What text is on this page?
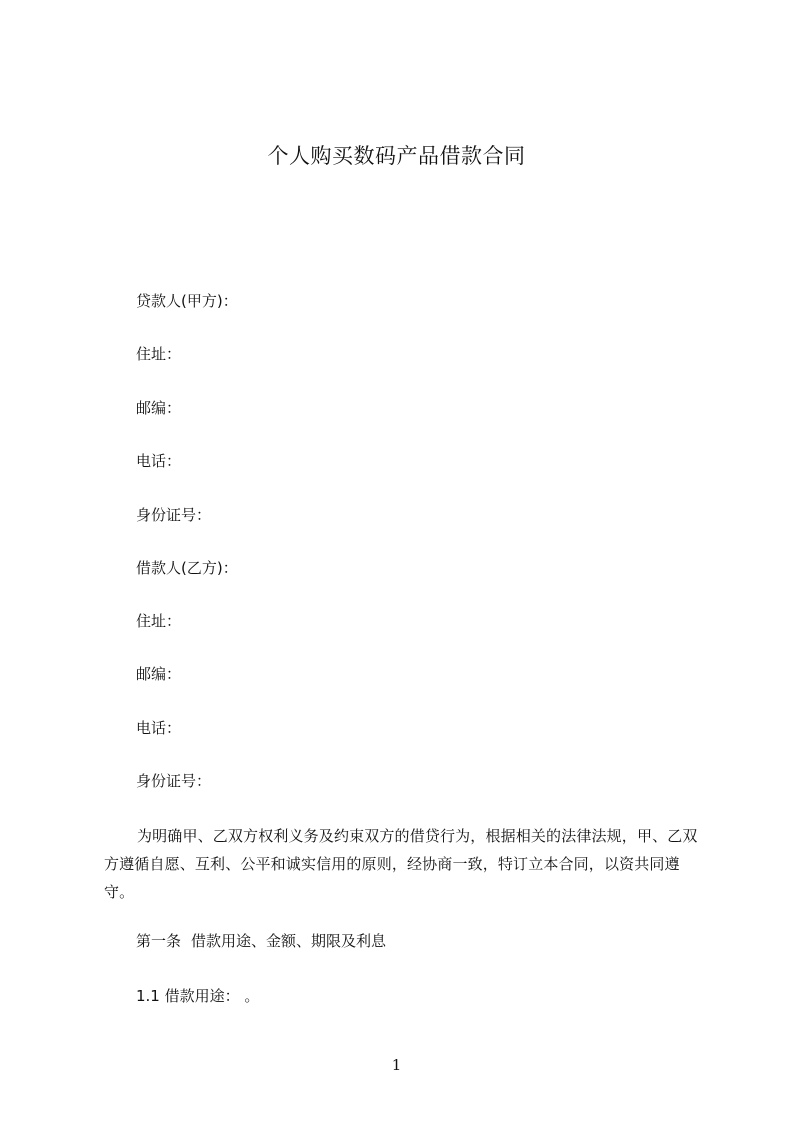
个人购买数码产品借款合同
贷款人(甲方)：
住址：
邮编：
电话：
身份证号：
借款人(乙方)：
住址：
邮编：
电话：
身份证号：
为明确甲、乙双方权利义务及约束双方的借贷行为，根据相关的法律法规，甲、乙双方遵循自愿、互利、公平和诚实信用的原则，经协商一致，特订立本合同，以资共同遵守。
第一条 借款用途、金额、期限及利息
1.1 借款用途： 。
1
